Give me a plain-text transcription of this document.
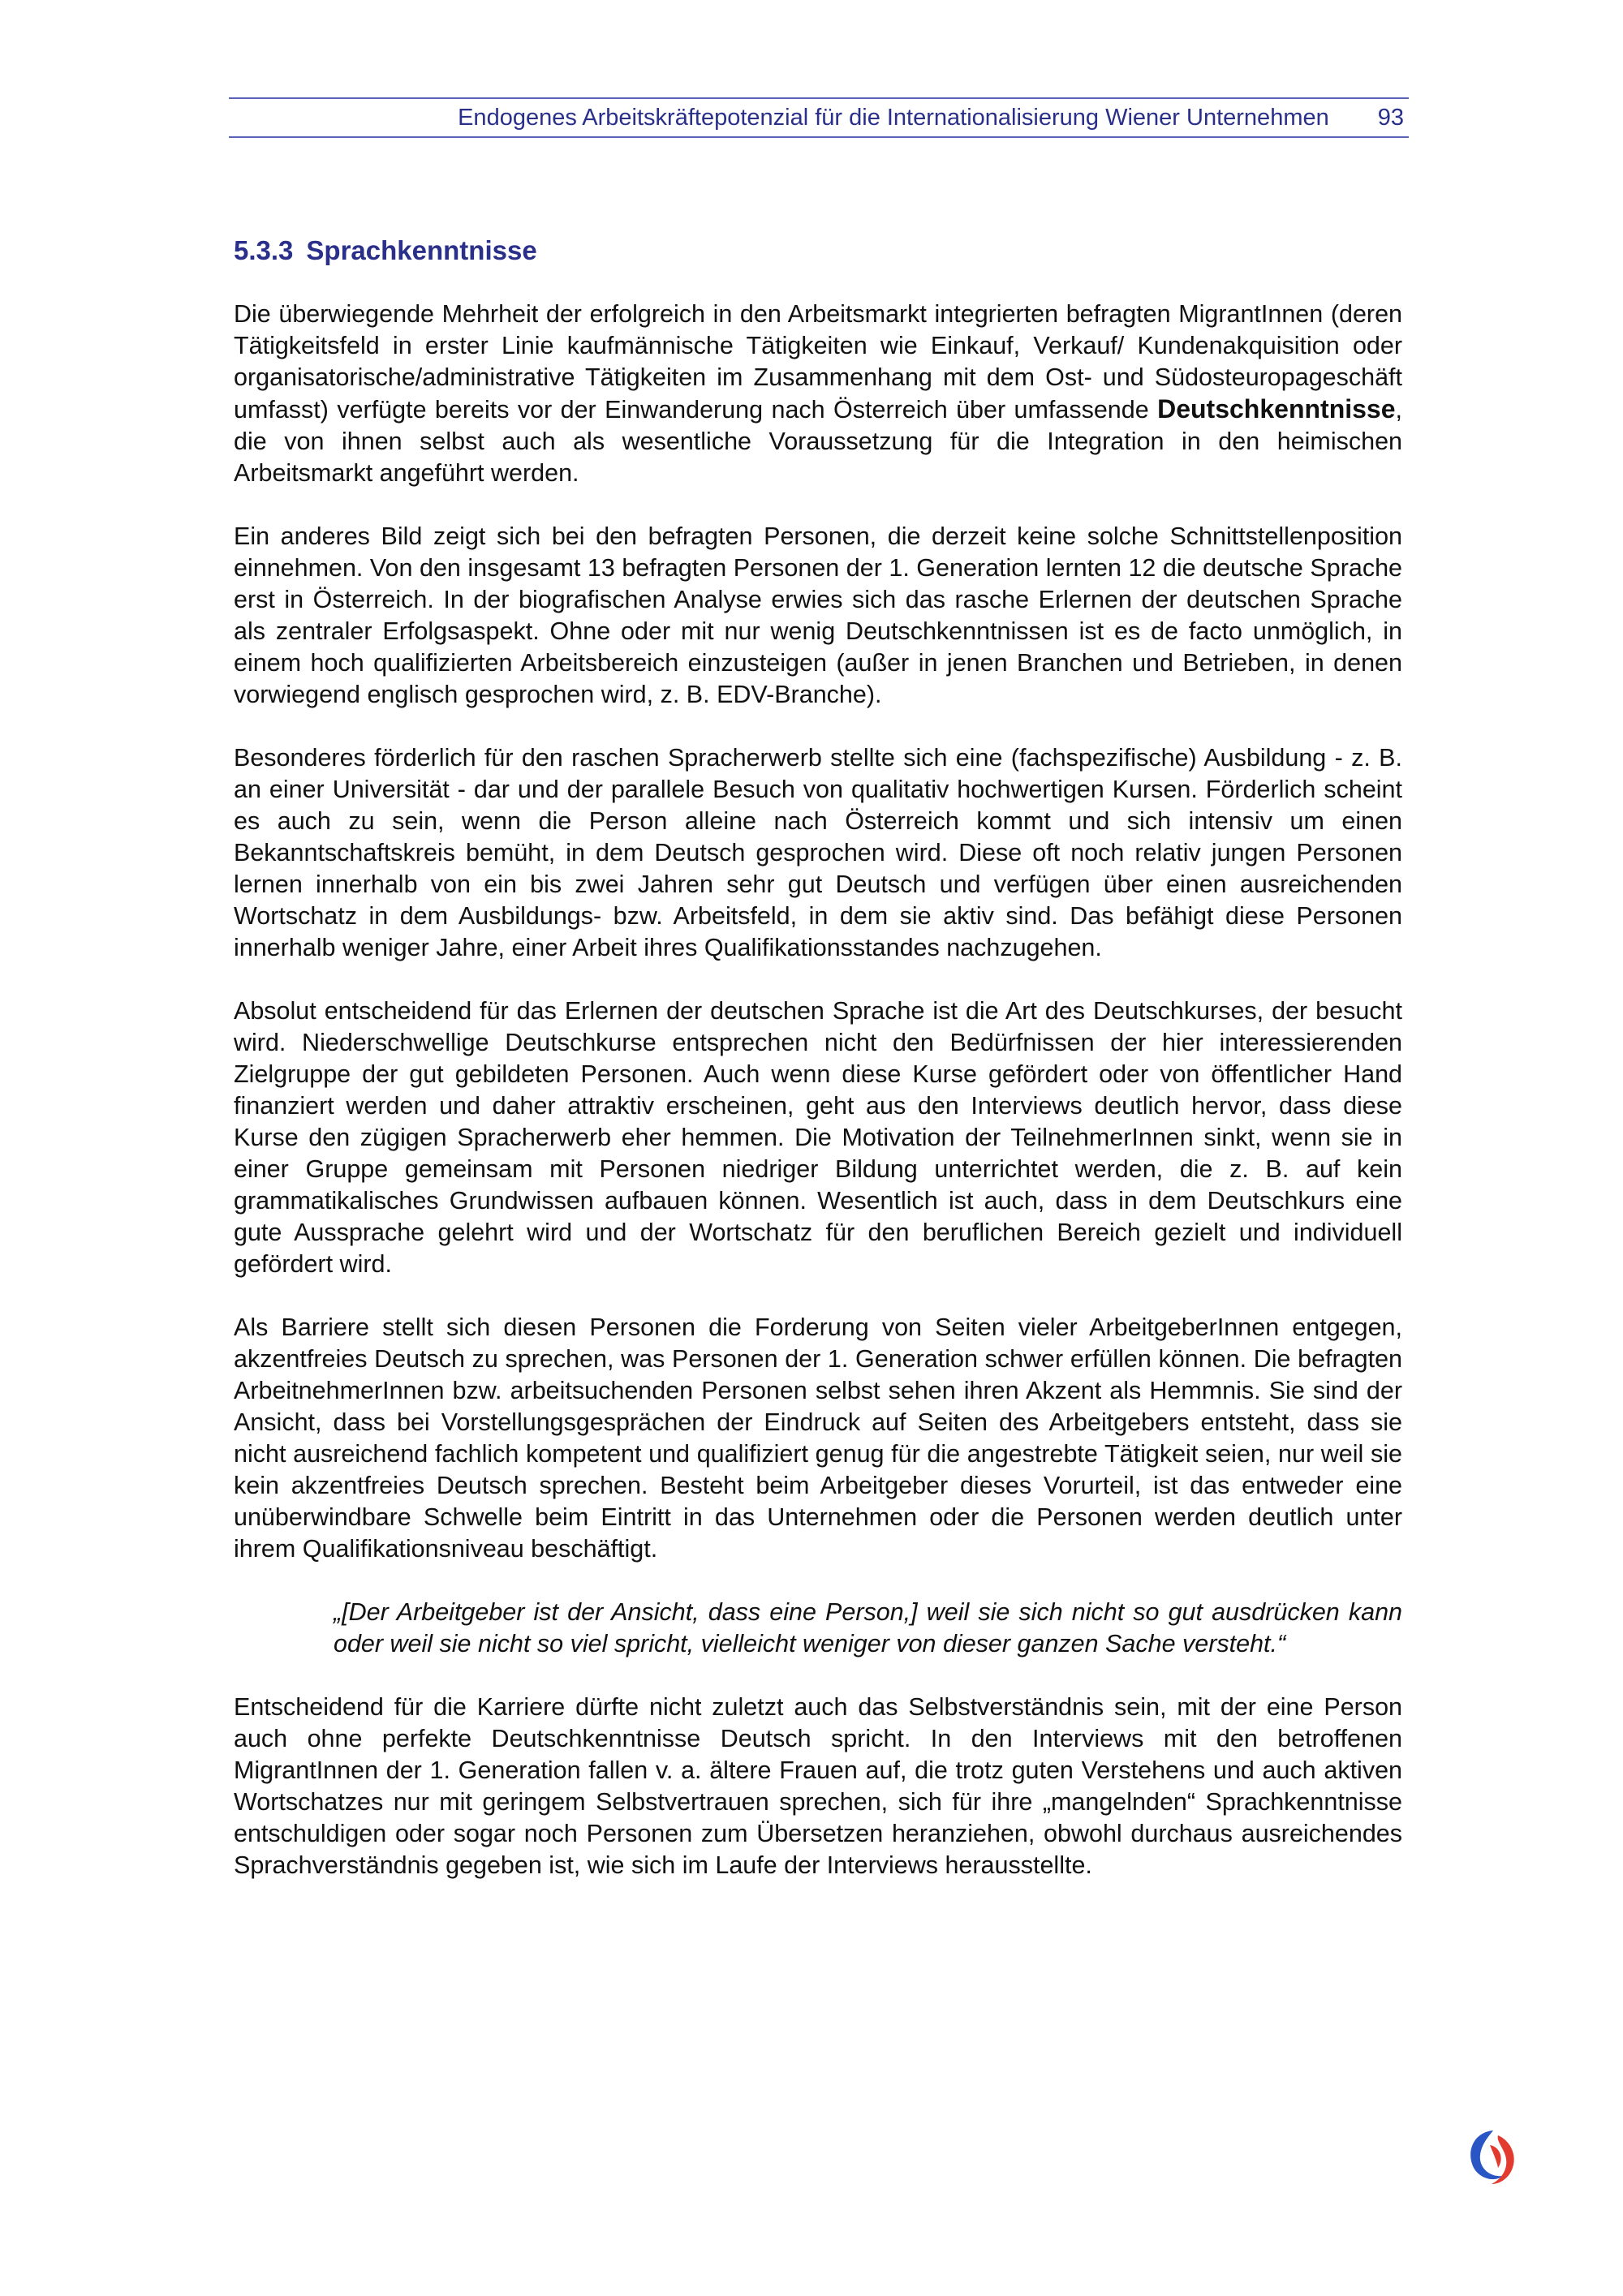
Endogenes Arbeitskräftepotenzial für die Internationalisierung Wiener Unternehmen 93
5.3.3 Sprachkenntnisse

Die überwiegende Mehrheit der erfolgreich in den Arbeitsmarkt integrierten befragten MigrantInnen (deren Tätigkeitsfeld in erster Linie kaufmännische Tätigkeiten wie Einkauf, Verkauf/ Kundenakquisition oder organisatorische/administrative Tätigkeiten im Zusammenhang mit dem Ost- und Südosteuropageschäft umfasst) verfügte bereits vor der Einwanderung nach Österreich über umfassende Deutschkenntnisse, die von ihnen selbst auch als wesentliche Voraussetzung für die Integration in den heimischen Arbeitsmarkt angeführt werden.

Ein anderes Bild zeigt sich bei den befragten Personen, die derzeit keine solche Schnittstellenposition einnehmen. Von den insgesamt 13 befragten Personen der 1. Generation lernten 12 die deutsche Sprache erst in Österreich. In der biografischen Analyse erwies sich das rasche Erlernen der deutschen Sprache als zentraler Erfolgsaspekt. Ohne oder mit nur wenig Deutschkenntnissen ist es de facto unmöglich, in einem hoch qualifizierten Arbeitsbereich einzusteigen (außer in jenen Branchen und Betrieben, in denen vorwiegend englisch gesprochen wird, z. B. EDV-Branche).

Besonderes förderlich für den raschen Spracherwerb stellte sich eine (fachspezifische) Ausbildung - z. B. an einer Universität - dar und der parallele Besuch von qualitativ hochwertigen Kursen. Förderlich scheint es auch zu sein, wenn die Person alleine nach Österreich kommt und sich intensiv um einen Bekanntschaftskreis bemüht, in dem Deutsch gesprochen wird. Diese oft noch relativ jungen Personen lernen innerhalb von ein bis zwei Jahren sehr gut Deutsch und verfügen über einen ausreichenden Wortschatz in dem Ausbildungs- bzw. Arbeitsfeld, in dem sie aktiv sind. Das befähigt diese Personen innerhalb weniger Jahre, einer Arbeit ihres Qualifikationsstandes nachzugehen.

Absolut entscheidend für das Erlernen der deutschen Sprache ist die Art des Deutschkurses, der besucht wird. Niederschwellige Deutschkurse entsprechen nicht den Bedürfnissen der hier interessierenden Zielgruppe der gut gebildeten Personen. Auch wenn diese Kurse gefördert oder von öffentlicher Hand finanziert werden und daher attraktiv erscheinen, geht aus den Interviews deutlich hervor, dass diese Kurse den zügigen Spracherwerb eher hemmen. Die Motivation der TeilnehmerInnen sinkt, wenn sie in einer Gruppe gemeinsam mit Personen niedriger Bildung unterrichtet werden, die z. B. auf kein grammatikalisches Grundwissen aufbauen können. Wesentlich ist auch, dass in dem Deutschkurs eine gute Aussprache gelehrt wird und der Wortschatz für den beruflichen Bereich gezielt und individuell gefördert wird.

Als Barriere stellt sich diesen Personen die Forderung von Seiten vieler ArbeitgeberInnen entgegen, akzentfreies Deutsch zu sprechen, was Personen der 1. Generation schwer erfüllen können. Die befragten ArbeitnehmerInnen bzw. arbeitsuchenden Personen selbst sehen ihren Akzent als Hemmnis. Sie sind der Ansicht, dass bei Vorstellungsgesprächen der Eindruck auf Seiten des Arbeitgebers entsteht, dass sie nicht ausreichend fachlich kompetent und qualifiziert genug für die angestrebte Tätigkeit seien, nur weil sie kein akzentfreies Deutsch sprechen. Besteht beim Arbeitgeber dieses Vorurteil, ist das entweder eine unüberwindbare Schwelle beim Eintritt in das Unternehmen oder die Personen werden deutlich unter ihrem Qualifikationsniveau beschäftigt.

„[Der Arbeitgeber ist der Ansicht, dass eine Person,] weil sie sich nicht so gut ausdrücken kann oder weil sie nicht so viel spricht, vielleicht weniger von dieser ganzen Sache versteht.“

Entscheidend für die Karriere dürfte nicht zuletzt auch das Selbstverständnis sein, mit der eine Person auch ohne perfekte Deutschkenntnisse Deutsch spricht. In den Interviews mit den betroffenen MigrantInnen der 1. Generation fallen v. a. ältere Frauen auf, die trotz guten Verstehens und auch aktiven Wortschatzes nur mit geringem Selbstvertrauen sprechen, sich für ihre „mangelnden“ Sprachkenntnisse entschuldigen oder sogar noch Personen zum Übersetzen heranziehen, obwohl durchaus ausreichendes Sprachverständnis gegeben ist, wie sich im Laufe der Interviews herausstellte.
